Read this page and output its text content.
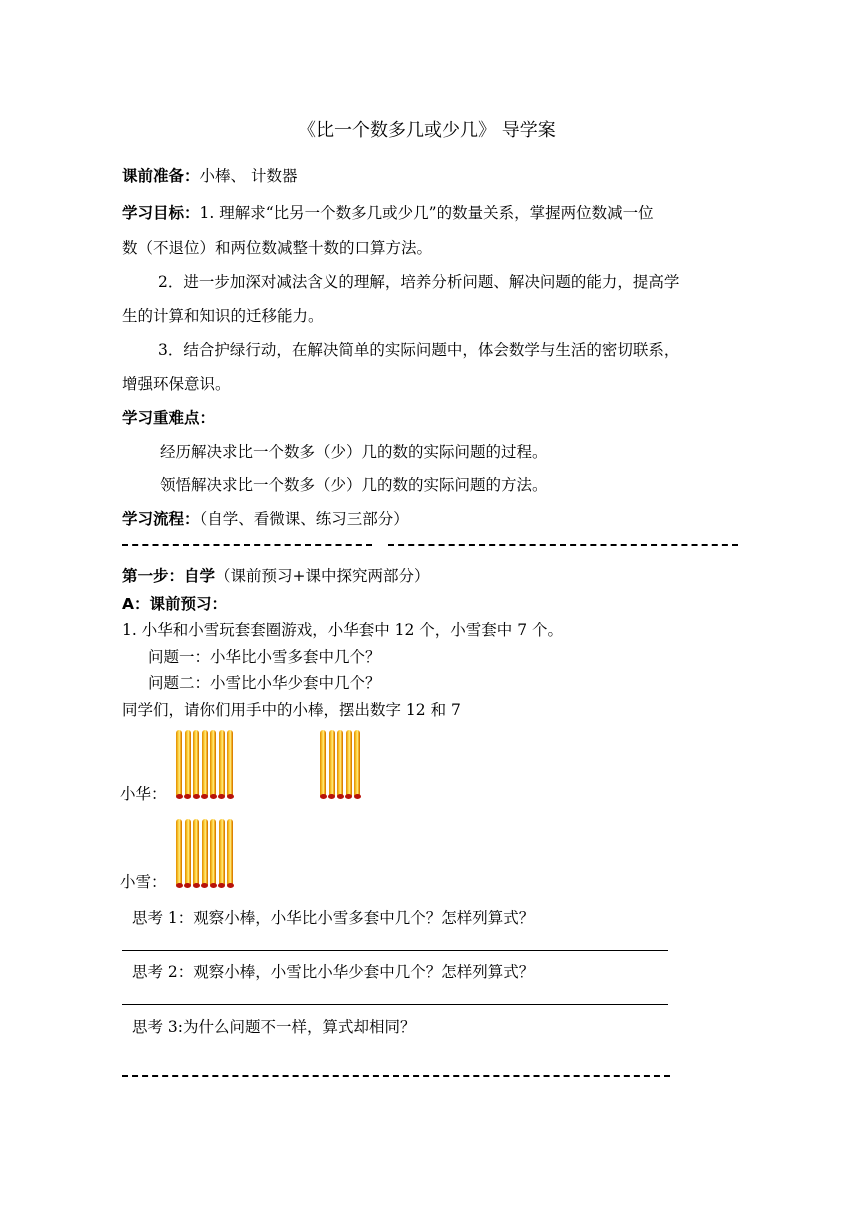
《比一个数多几或少几》 导学案
课前准备：小棒、 计数器
学习目标：1. 理解求“比另一个数多几或少几”的数量关系，掌握两位数减一位
数（不退位）和两位数减整十数的口算方法。
2．进一步加深对减法含义的理解，培养分析问题、解决问题的能力，提高学
生的计算和知识的迁移能力。
3．结合护绿行动，在解决简单的实际问题中，体会数学与生活的密切联系，
增强环保意识。
学习重难点：
经历解决求比一个数多（少）几的数的实际问题的过程。
领悟解决求比一个数多（少）几的数的实际问题的方法。
学习流程：（自学、看微课、练习三部分）
第一步：自学（课前预习+课中探究两部分）
A：课前预习：
1. 小华和小雪玩套套圈游戏，小华套中 12 个，小雪套中 7 个。
问题一：小华比小雪多套中几个？
问题二：小雪比小华少套中几个？
同学们，请你们用手中的小棒，摆出数字 12 和 7
小华：
小雪：
思考 1：观察小棒，小华比小雪多套中几个？怎样列算式？
思考 2：观察小棒，小雪比小华少套中几个？怎样列算式？
思考 3:为什么问题不一样，算式却相同？
